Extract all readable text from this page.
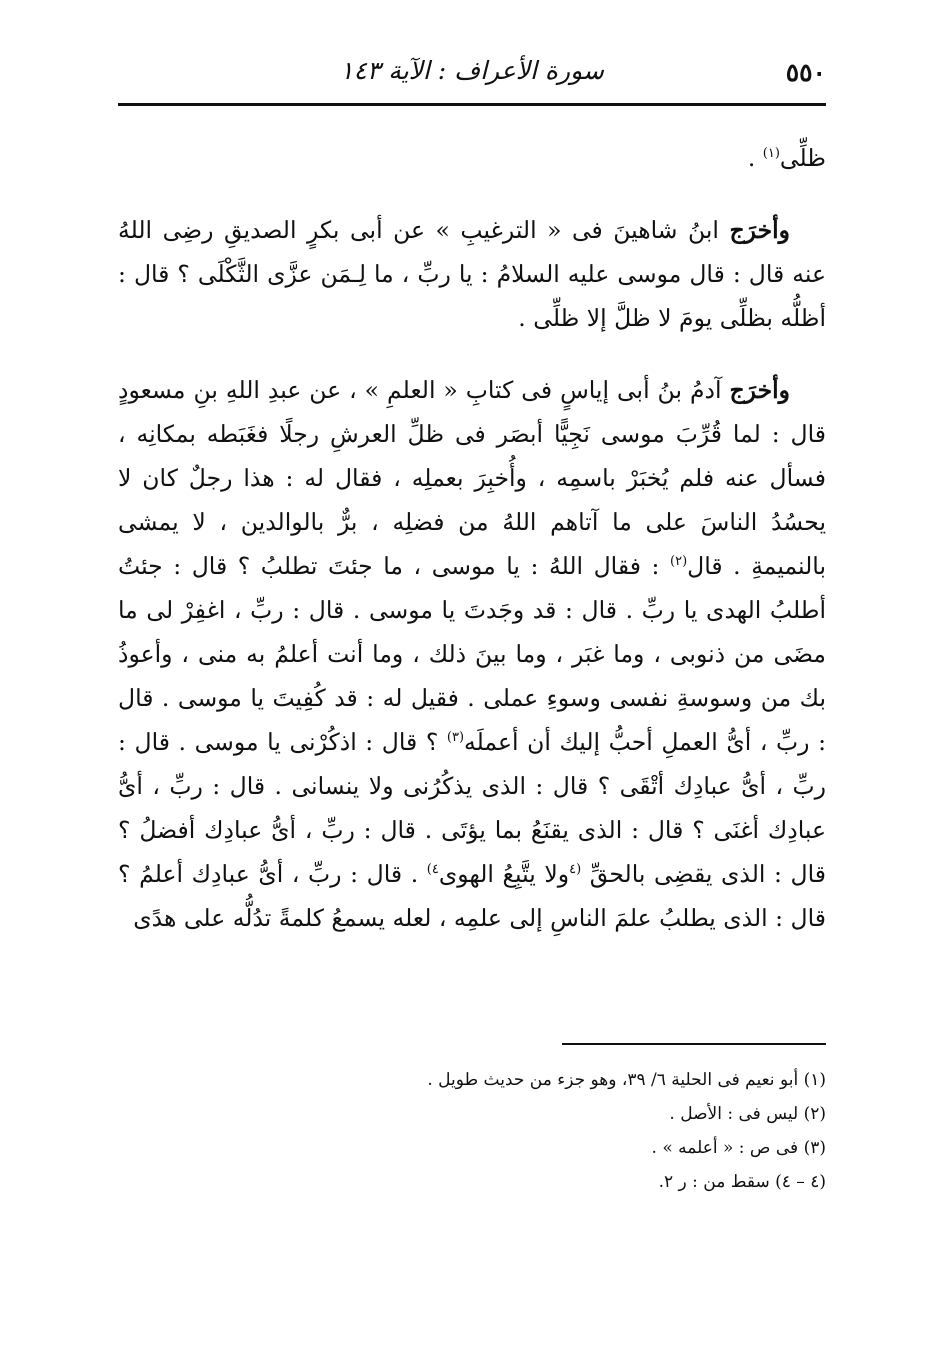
٥٥٠
سورة الأعراف : الآية ١٤٣

ظلِّى$^{(١)}$ .

وأخرَج ابنُ شاهينَ فى « الترغيبِ » عن أبى بكرٍ الصديقِ رضِى اللهُ عنه قال : قال موسى عليه السلامُ : يا ربِّ ، ما لِـمَن عزَّى الثَّكْلَى ؟ قال : أظلُّه بظلِّى يومَ لا ظلَّ إلا ظلِّى .

وأخرَج آدمُ بنُ أبى إياسٍ فى كتابِ « العلمِ » ، عن عبدِ اللهِ بنِ مسعودٍ قال : لما قُرِّبَ موسى نَجِيًّا أبصَر فى ظلِّ العرشِ رجلًا فغَبَطه بمكانِه ، فسأل عنه فلم يُخبَرْ باسمِه ، وأُخبِرَ بعملِه ، فقال له : هذا رجلٌ كان لا يحسُدُ الناسَ على ما آتاهم اللهُ من فضلِه ، برٌّ بالوالدين ، لا يمشى بالنميمةِ . قال$^{(٢)}$ : فقال اللهُ : يا موسى ، ما جئتَ تطلبُ ؟ قال : جئتُ أطلبُ الهدى يا ربِّ . قال : قد وجَدتَ يا موسى . قال : ربِّ ، اغفِرْ لى ما مضَى من ذنوبى ، وما غبَر ، وما بينَ ذلك ، وما أنت أعلمُ به منى ، وأعوذُ بك من وسوسةِ نفسى وسوءِ عملى . فقيل له : قد كُفِيتَ يا موسى . قال : ربِّ ، أىُّ العملِ أحبُّ إليك أن أعملَه$^{(٣)}$ ؟ قال : اذكُرْنى يا موسى . قال : ربِّ ، أىُّ عبادِك أتْقَى ؟ قال : الذى يذكُرُنى ولا ينسانى . قال : ربِّ ، أىُّ عبادِك أغنَى ؟ قال : الذى يقنَعُ بما يؤتَى . قال : ربِّ ، أىُّ عبادِك أفضلُ ؟ قال : الذى يقضِى بالحقِّ $^{(٤}$ولا يتَّبِعُ الهوى$^{٤)}$ . قال : ربِّ ، أىُّ عبادِك أعلمُ ؟ قال : الذى يطلبُ علمَ الناسِ إلى علمِه ، لعله يسمعُ كلمةً تدُلُّه على هدًى

(١) أبو نعيم فى الحلية ٦/ ٣٩، وهو جزء من حديث طويل .
(٢) ليس فى : الأصل .
(٣) فى ص : « أعلمه » .
(٤ – ٤) سقط من : ر ٢.
